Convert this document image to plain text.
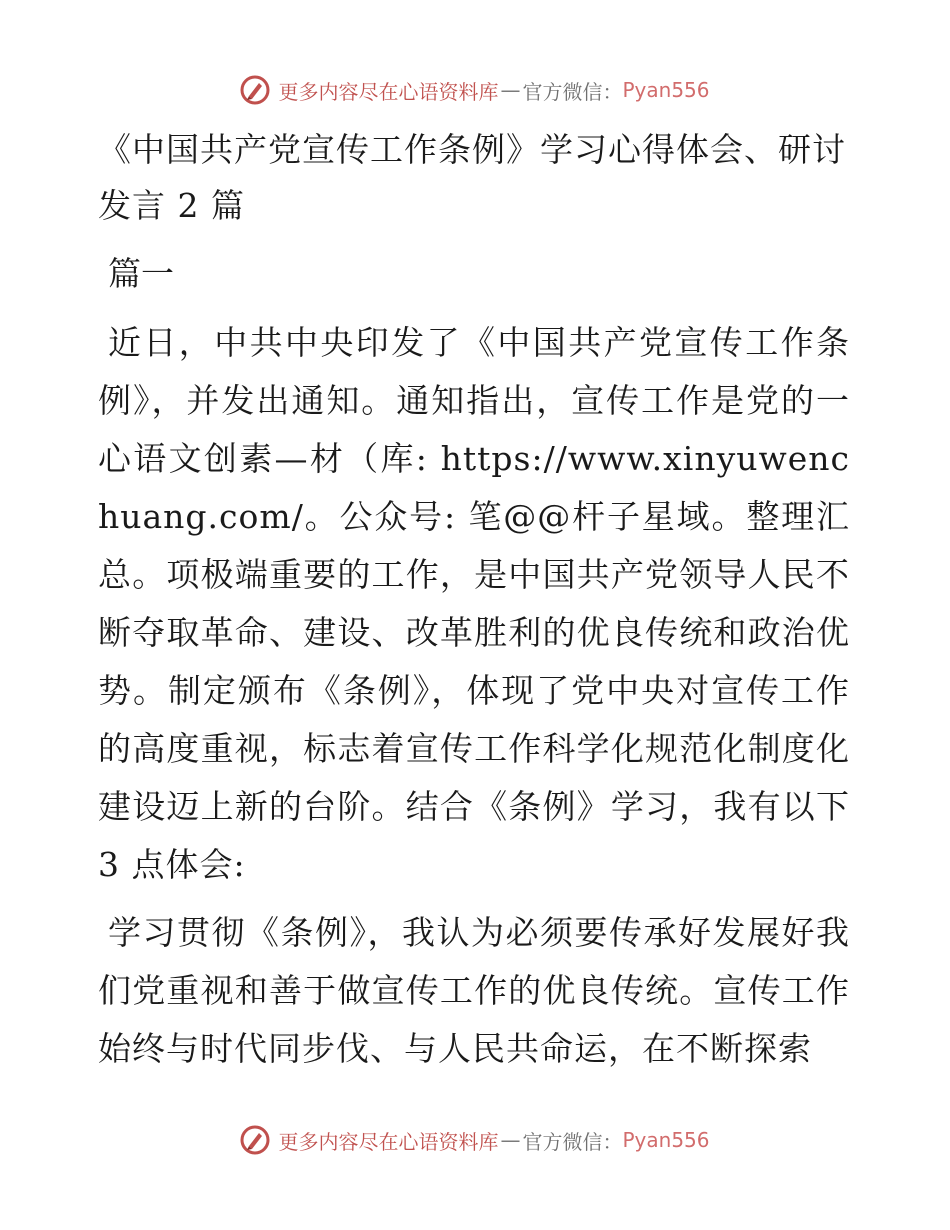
更多内容尽在心语资料库 — 官方微信： Pyan556
《中国共产党宣传工作条例》学习心得体会、研讨发言 2 篇
篇一

近日，中共中央印发了《中国共产党宣传工作条例》，并发出通知。通知指出，宣传工作是党的一心语文创素—材（库: https://www.xinyuwenchuang.com/。公众号: 笔@@杆子星域。整理汇总。项极端重要的工作，是中国共产党领导人民不断夺取革命、建设、改革胜利的优良传统和政治优势。制定颁布《条例》，体现了党中央对宣传工作的高度重视，标志着宣传工作科学化规范化制度化建设迈上新的台阶。结合《条例》学习，我有以下 3 点体会:

学习贯彻《条例》，我认为必须要传承好发展好我们党重视和善于做宣传工作的优良传统。宣传工作始终与时代同步伐、与人民共命运，在不断探索

更多内容尽在心语资料库 — 官方微信： Pyan556
